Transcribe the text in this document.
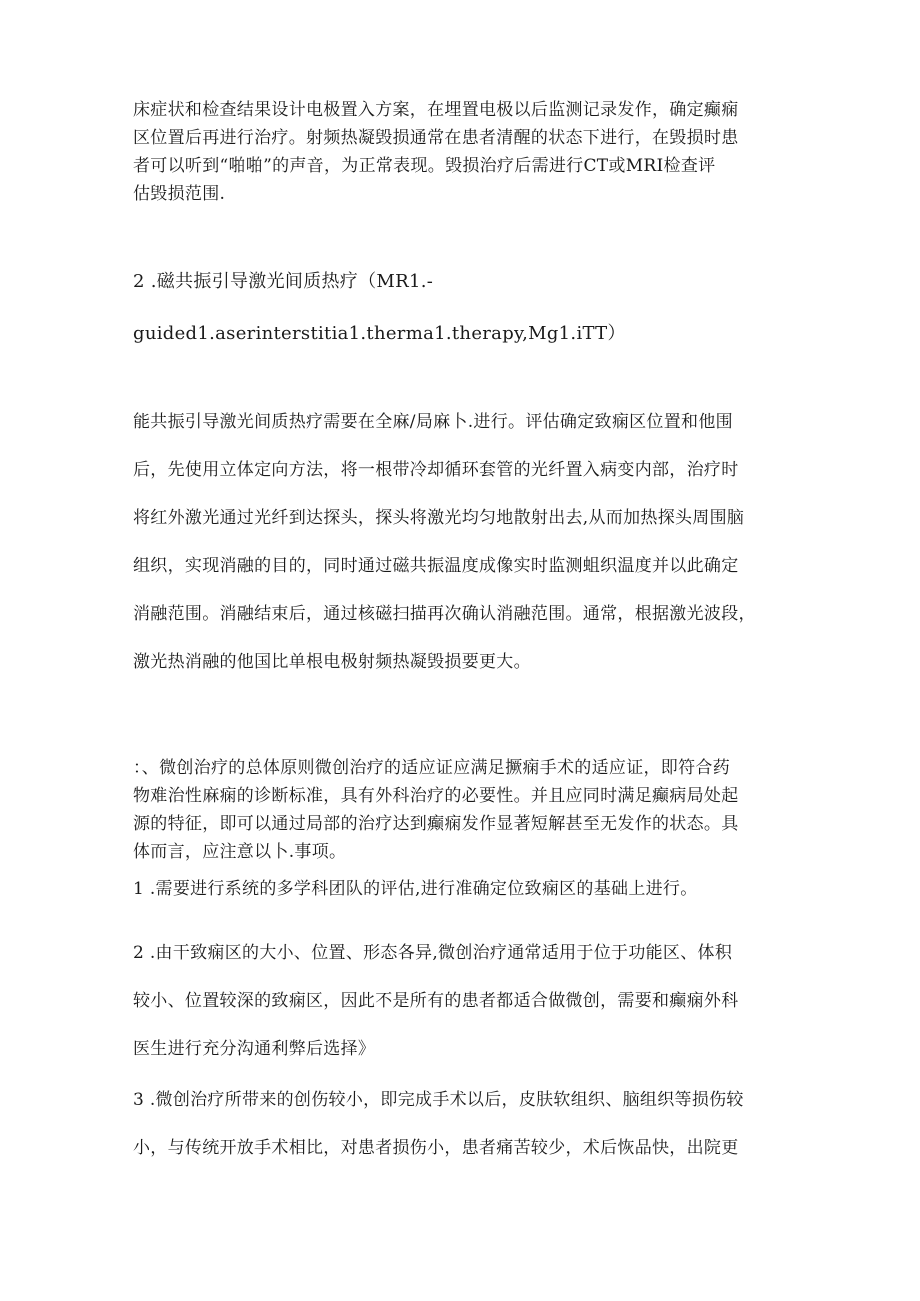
床症状和检查结果设计电极置入方案，在埋置电极以后监测记录发作，确定癫痫
区位置后再进行治疗。射频热凝毁损通常在患者清醒的状态下进行，在毁损时患
者可以听到“啪啪”的声音，为正常表现。毁损治疗后需进行CT或MRI检查评
估毁损范围.
2 .磁共振引导激光间质热疗（MR1.-
guided1.aserinterstitia1.therma1.therapy,Mg1.iTT）
能共振引导激光间质热疗需要在全麻/局麻卜.进行。评估确定致痫区位置和他围
后，先使用立体定向方法，将一根带冷却循环套管的光纤置入病变内部，治疗时
将红外激光通过光纤到达探头，探头将激光均匀地散射出去,从而加热探头周围脑
组织，实现消融的目的，同时通过磁共振温度成像实时监测蛆织温度并以此确定
消融范围。消融结束后，通过核磁扫描再次确认消融范围。通常，根据激光波段，
激光热消融的他国比单根电极射频热凝毁损要更大。
：、微创治疗的总体原则微创治疗的适应证应满足撅痫手术的适应证，即符合药
物难治性麻痫的诊断标准，具有外科治疗的必要性。并且应同时满足癫病局处起
源的特征，即可以通过局部的治疗达到癫痫发作显著短解甚至无发作的状态。具
体而言，应注意以卜.事项。
1 .需要进行系统的多学科团队的评估,进行准确定位致痫区的基础上进行。
2 .由干致痫区的大小、位置、形态各异,微创治疗通常适用于位于功能区、体积
较小、位置较深的致痫区，因此不是所有的患者都适合做微创，需要和癫痫外科
医生进行充分沟通利弊后选择》
3 .微创治疗所带来的创伤较小，即完成手术以后，皮肤软组织、脑组织等损伤较
小，与传统开放手术相比，对患者损伤小，患者痛苦较少，术后恢品快，出院更
